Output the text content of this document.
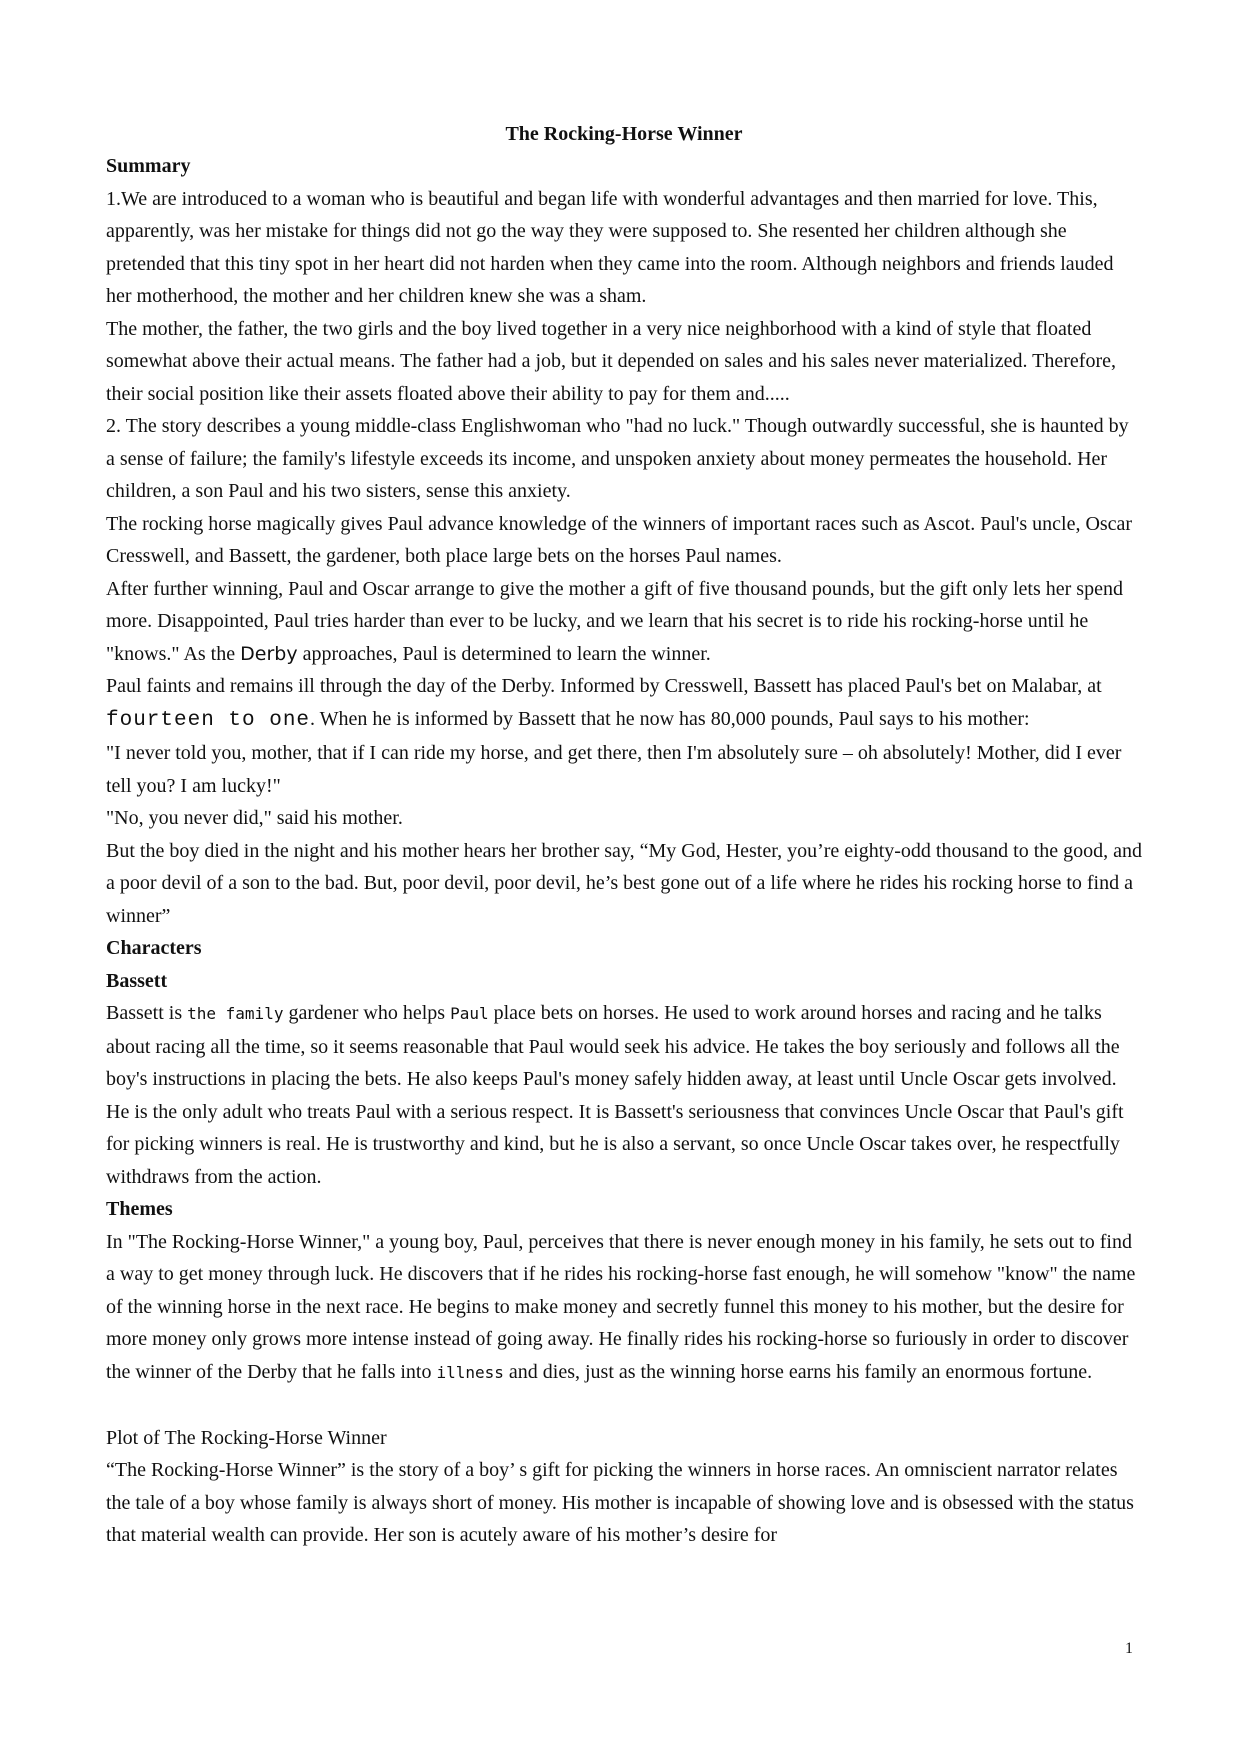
The Rocking-Horse Winner
Summary

1.We are introduced to a woman who is beautiful and began life with wonderful advantages and then married for love. This, apparently, was her mistake for things did not go the way they were supposed to. She resented her children although she pretended that this tiny spot in her heart did not harden when they came into the room. Although neighbors and friends lauded her motherhood, the mother and her children knew she was a sham.

The mother, the father, the two girls and the boy lived together in a very nice neighborhood with a kind of style that floated somewhat above their actual means. The father had a job, but it depended on sales and his sales never materialized. Therefore, their social position like their assets floated above their ability to pay for them and.....

2. The story describes a young middle-class Englishwoman who "had no luck." Though outwardly successful, she is haunted by a sense of failure; the family's lifestyle exceeds its income, and unspoken anxiety about money permeates the household. Her children, a son Paul and his two sisters, sense this anxiety.

The rocking horse magically gives Paul advance knowledge of the winners of important races such as Ascot. Paul's uncle, Oscar Cresswell, and Bassett, the gardener, both place large bets on the horses Paul names.

After further winning, Paul and Oscar arrange to give the mother a gift of five thousand pounds, but the gift only lets her spend more. Disappointed, Paul tries harder than ever to be lucky, and we learn that his secret is to ride his rocking-horse until he "knows." As the Derby approaches, Paul is determined to learn the winner.

Paul faints and remains ill through the day of the Derby. Informed by Cresswell, Bassett has placed Paul's bet on Malabar, at fourteen to one. When he is informed by Bassett that he now has 80,000 pounds, Paul says to his mother:

"I never told you, mother, that if I can ride my horse, and get there, then I'm absolutely sure – oh absolutely! Mother, did I ever tell you? I am lucky!"

"No, you never did," said his mother.

But the boy died in the night and his mother hears her brother say, “My God, Hester, you’re eighty-odd thousand to the good, and a poor devil of a son to the bad. But, poor devil, poor devil, he’s best gone out of a life where he rides his rocking horse to find a winner”

Characters
Bassett

Bassett is the family gardener who helps Paul place bets on horses. He used to work around horses and racing and he talks about racing all the time, so it seems reasonable that Paul would seek his advice. He takes the boy seriously and follows all the boy's instructions in placing the bets. He also keeps Paul's money safely hidden away, at least until Uncle Oscar gets involved. He is the only adult who treats Paul with a serious respect. It is Bassett's seriousness that convinces Uncle Oscar that Paul's gift for picking winners is real. He is trustworthy and kind, but he is also a servant, so once Uncle Oscar takes over, he respectfully withdraws from the action.

Themes

In "The Rocking-Horse Winner," a young boy, Paul, perceives that there is never enough money in his family, he sets out to find a way to get money through luck. He discovers that if he rides his rocking-horse fast enough, he will somehow "know" the name of the winning horse in the next race. He begins to make money and secretly funnel this money to his mother, but the desire for more money only grows more intense instead of going away. He finally rides his rocking-horse so furiously in order to discover the winner of the Derby that he falls into illness and dies, just as the winning horse earns his family an enormous fortune.

Plot of The Rocking-Horse Winner

“The Rocking-Horse Winner” is the story of a boy’ s gift for picking the winners in horse races. An omniscient narrator relates the tale of a boy whose family is always short of money. His mother is incapable of showing love and is obsessed with the status that material wealth can provide. Her son is acutely aware of his mother’s desire for

1
